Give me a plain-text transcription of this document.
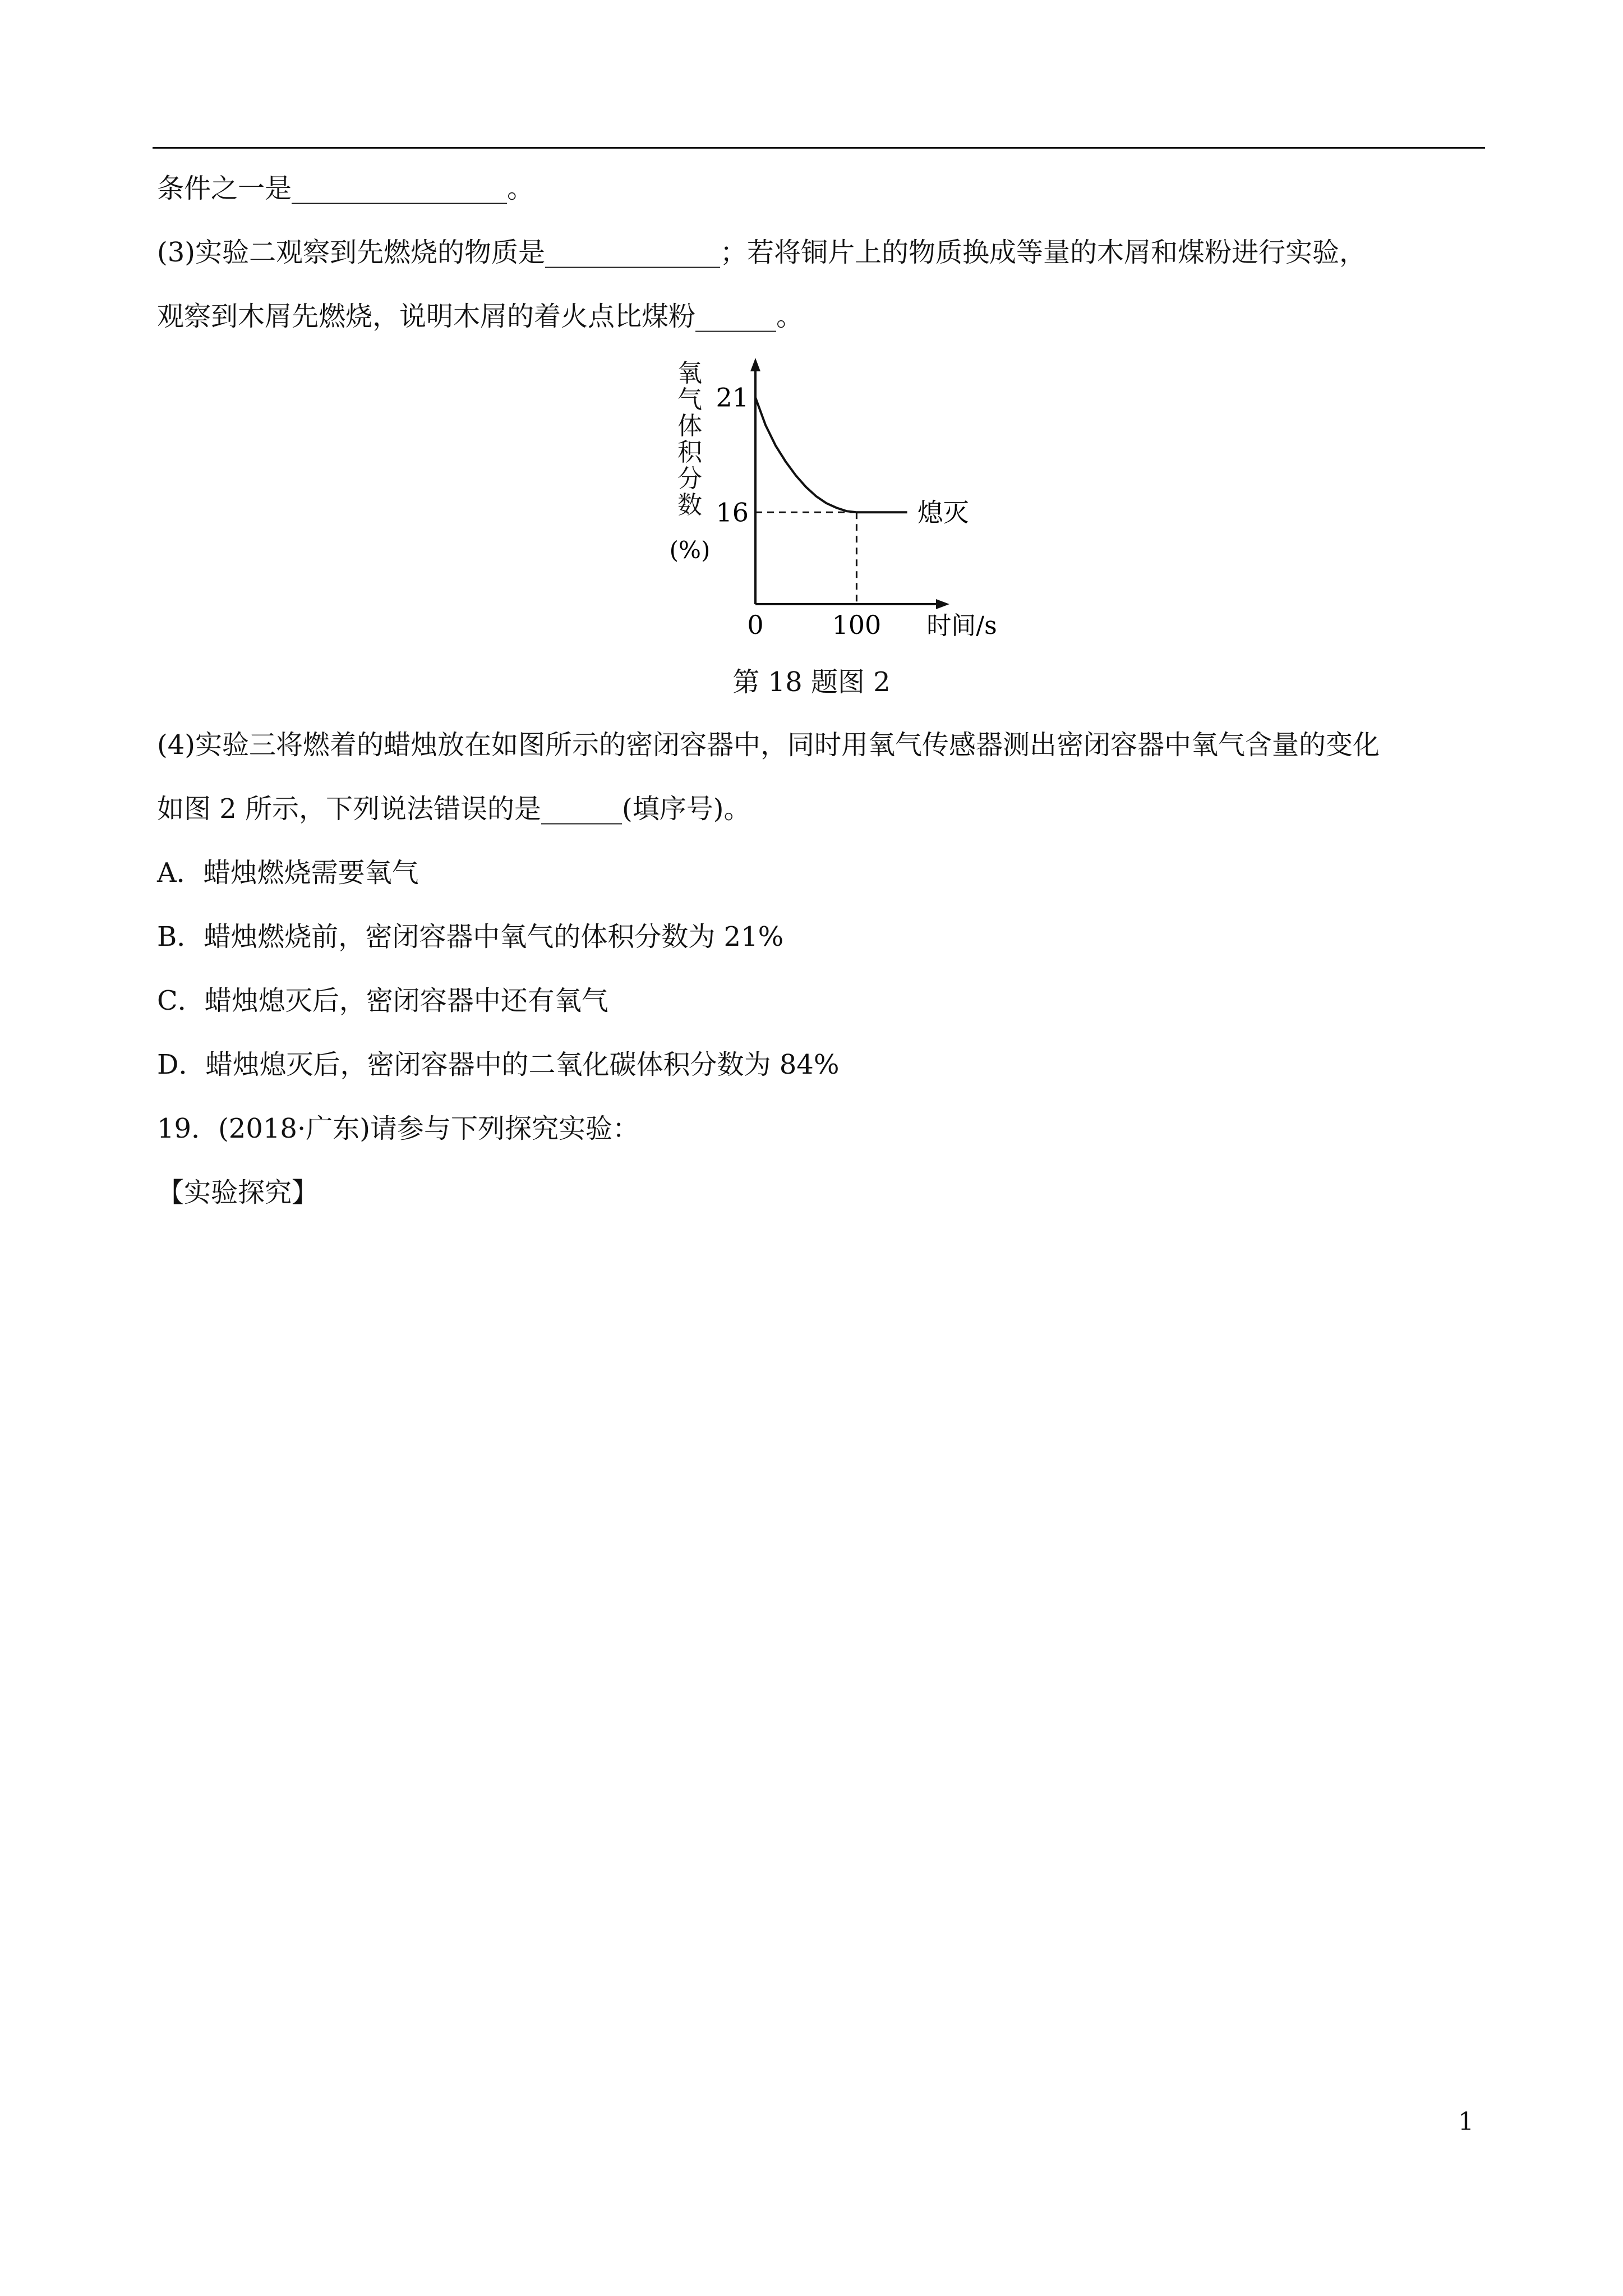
条件之一是________________。
(3)实验二观察到先燃烧的物质是_____________；若将铜片上的物质换成等量的木屑和煤粉进行实验，
观察到木屑先燃烧，说明木屑的着火点比煤粉______。
氧
气
体
积
分
数
(%)
21
16
0	100 时间/s
熄灭
第 18 题图 2
(4)实验三将燃着的蜡烛放在如图所示的密闭容器中，同时用氧气传感器测出密闭容器中氧气含量的变化
如图 2 所示，下列说法错误的是______(填序号)。
A．蜡烛燃烧需要氧气
B．蜡烛燃烧前，密闭容器中氧气的体积分数为 21%
C．蜡烛熄灭后，密闭容器中还有氧气
D．蜡烛熄灭后，密闭容器中的二氧化碳体积分数为 84%
19．(2018·广东)请参与下列探究实验：
【实验探究】
1
